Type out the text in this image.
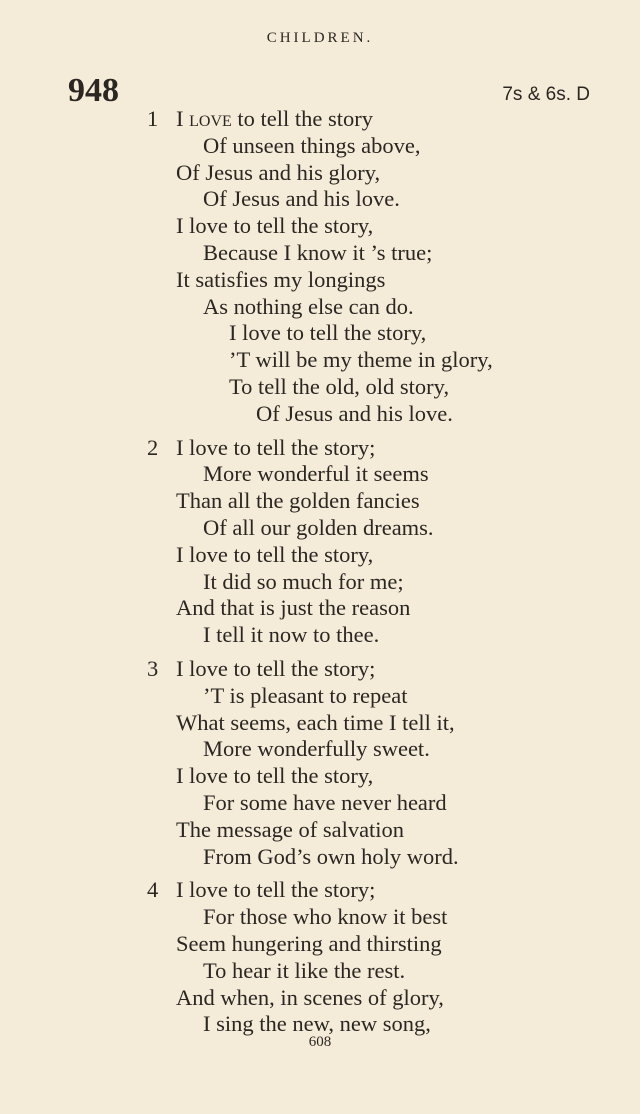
CHILDREN.
948	7s & 6s. D
1 I love to tell the story
Of unseen things above,
Of Jesus and his glory,
Of Jesus and his love.
I love to tell the story,
Because I know it ’s true;
It satisfies my longings
As nothing else can do.
I love to tell the story,
’T will be my theme in glory,
To tell the old, old story,
Of Jesus and his love.
2 I love to tell the story;
More wonderful it seems
Than all the golden fancies
Of all our golden dreams.
I love to tell the story,
It did so much for me;
And that is just the reason
I tell it now to thee.
3 I love to tell the story;
’T is pleasant to repeat
What seems, each time I tell it,
More wonderfully sweet.
I love to tell the story,
For some have never heard
The message of salvation
From God’s own holy word.
4 I love to tell the story;
For those who know it best
Seem hungering and thirsting
To hear it like the rest.
And when, in scenes of glory,
I sing the new, new song,
608
